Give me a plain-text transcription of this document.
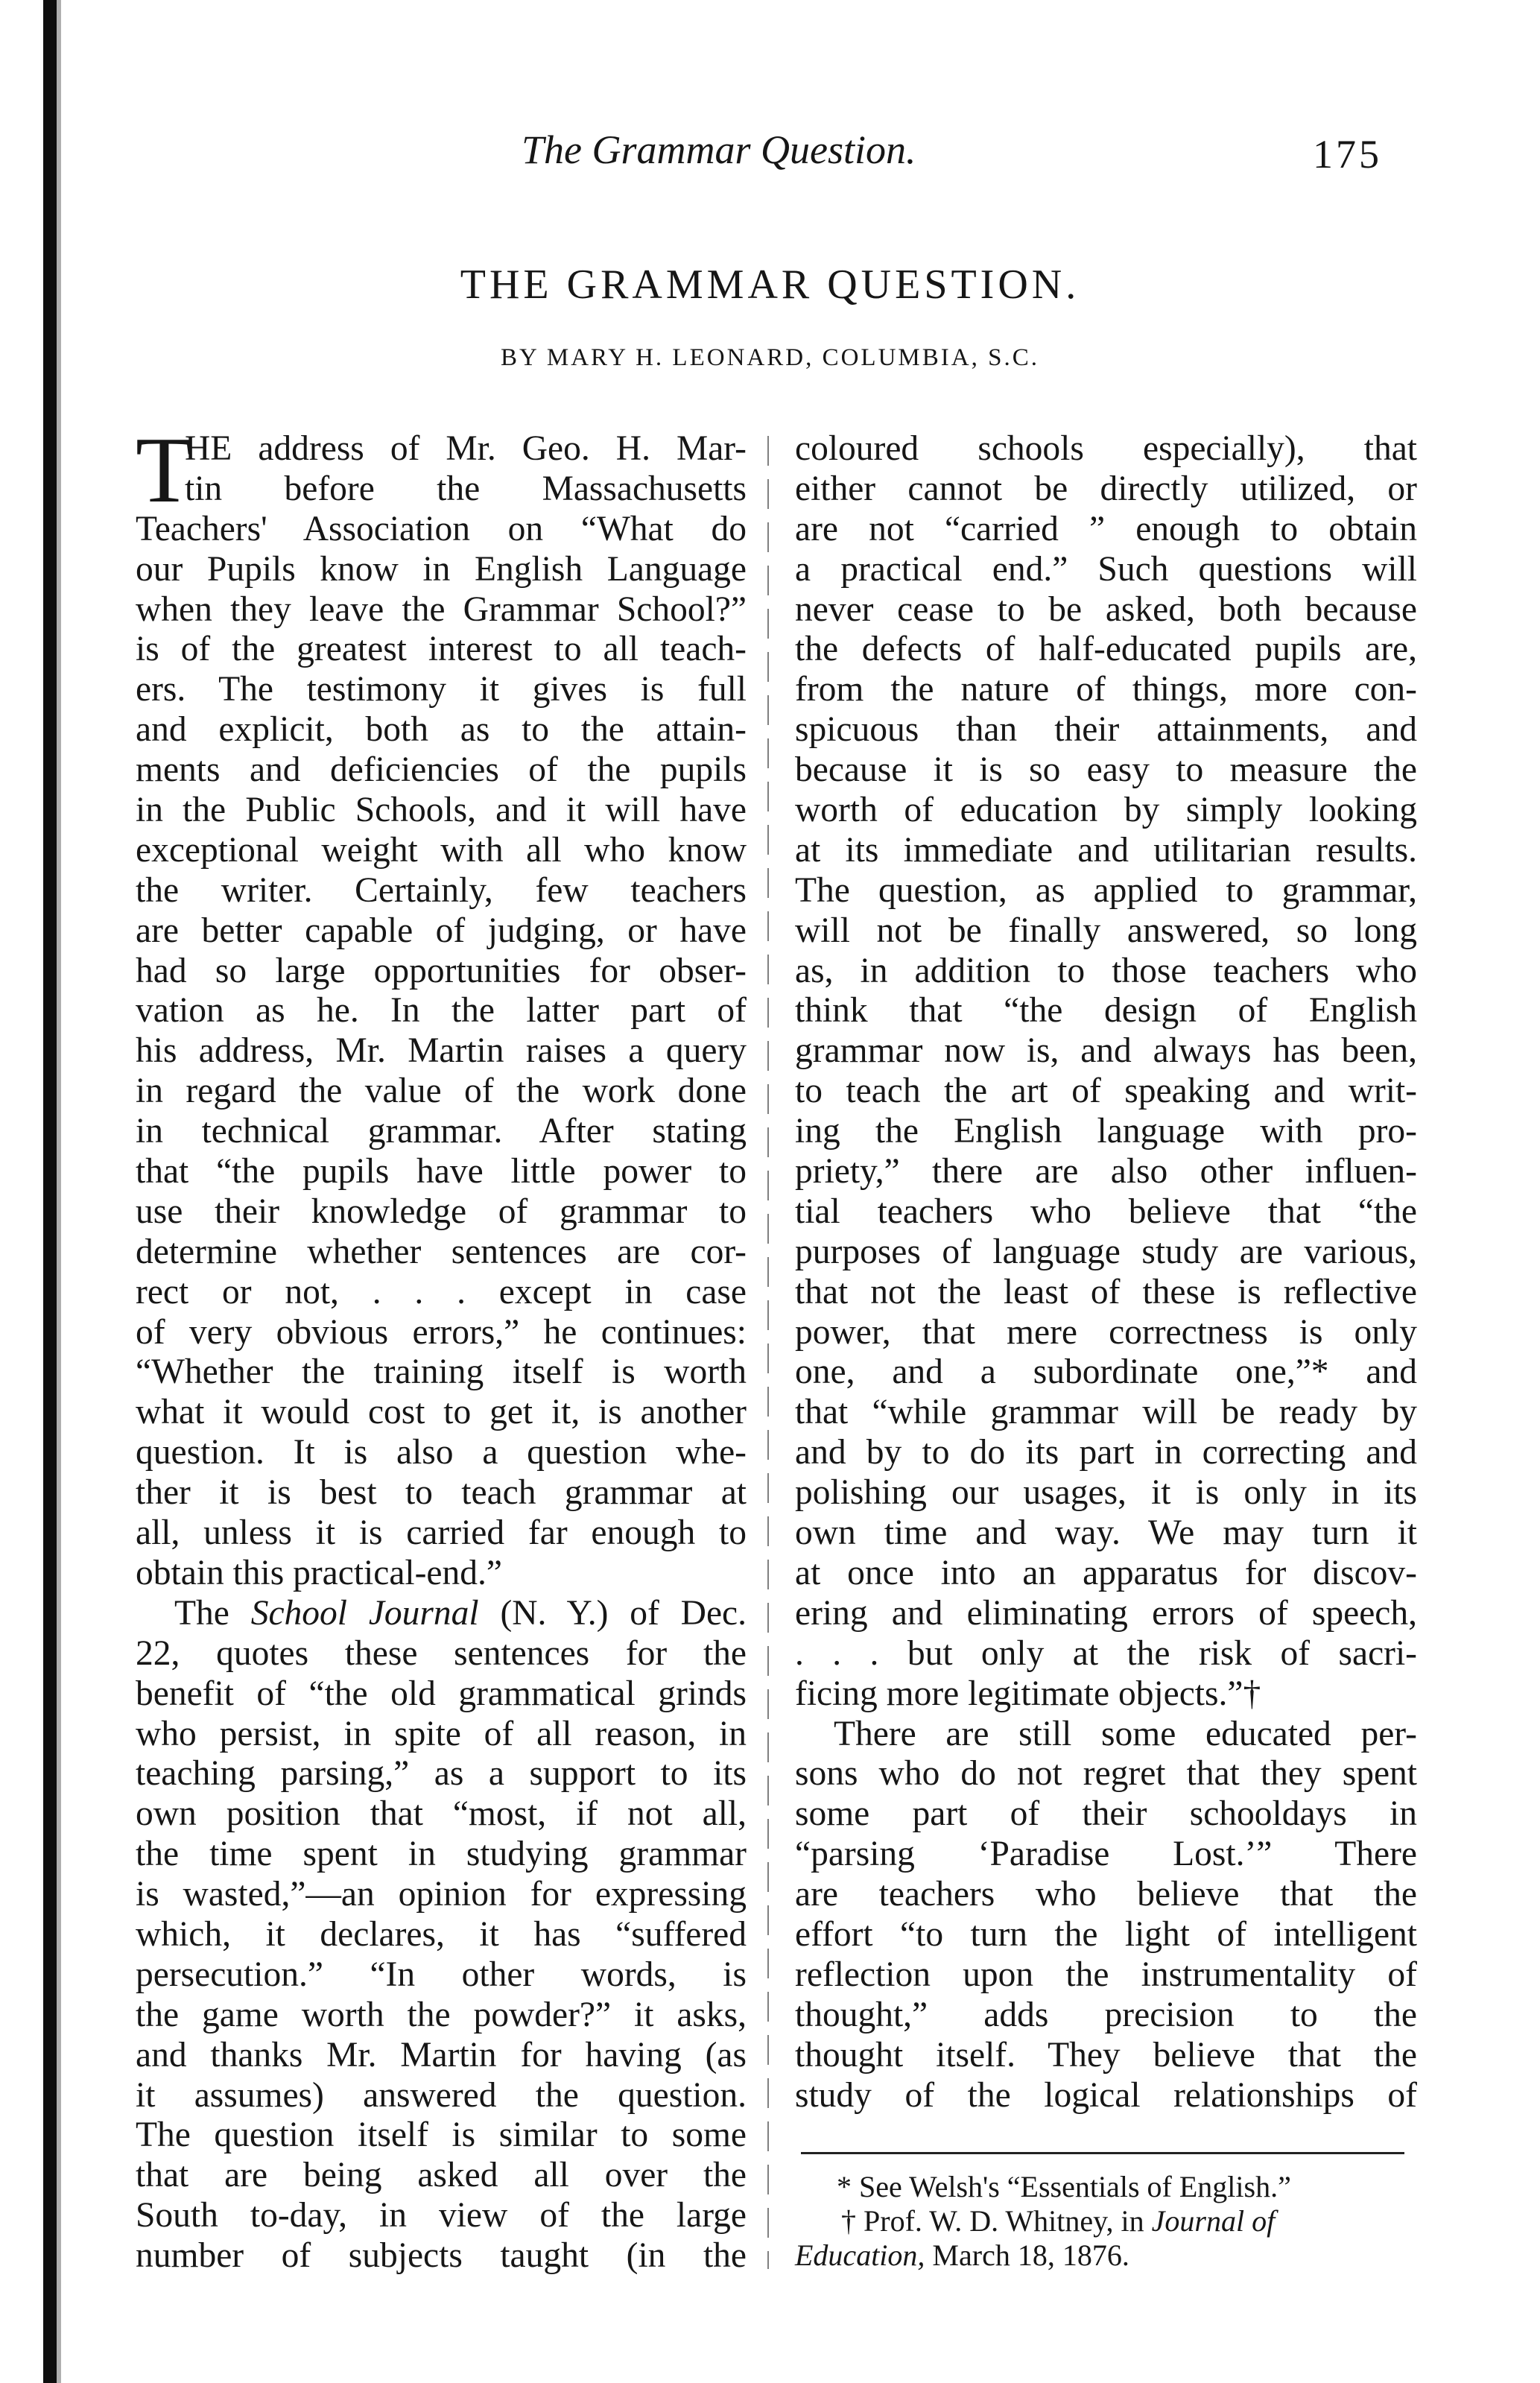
The Grammar Question.	175
THE GRAMMAR QUESTION.
BY MARY H. LEONARD, COLUMBIA, S.C.
T
HE address of Mr. Geo. H. Mar-
tin before the Massachusetts
Teachers' Association on “What do
our Pupils know in English Language
when they leave the Grammar School?”
is of the greatest interest to all teach-
ers. The testimony it gives is full
and explicit, both as to the attain-
ments and deficiencies of the pupils
in the Public Schools, and it will have
exceptional weight with all who know
the writer. Certainly, few teachers
are better capable of judging, or have
had so large opportunities for obser-
vation as he. In the latter part of
his address, Mr. Martin raises a query
in regard the value of the work done
in technical grammar. After stating
that “the pupils have little power to
use their knowledge of grammar to
determine whether sentences are cor-
rect or not, . . . except in case
of very obvious errors,” he continues:
“Whether the training itself is worth
what it would cost to get it, is another
question. It is also a question whe-
ther it is best to teach grammar at
all, unless it is carried far enough to
obtain this practical-end.”
The School Journal (N. Y.) of Dec.
22, quotes these sentences for the
benefit of “the old grammatical grinds
who persist, in spite of all reason, in
teaching parsing,” as a support to its
own position that “most, if not all,
the time spent in studying grammar
is wasted,”—an opinion for expressing
which, it declares, it has “suffered
persecution.” “In other words, is
the game worth the powder?” it asks,
and thanks Mr. Martin for having (as
it assumes) answered the question.
The question itself is similar to some
that are being asked all over the
South to-day, in view of the large
number of subjects taught (in the
coloured schools especially), that
either cannot be directly utilized, or
are not “carried ” enough to obtain
a practical end.” Such questions will
never cease to be asked, both because
the defects of half-educated pupils are,
from the nature of things, more con-
spicuous than their attainments, and
because it is so easy to measure the
worth of education by simply looking
at its immediate and utilitarian results.
The question, as applied to grammar,
will not be finally answered, so long
as, in addition to those teachers who
think that “the design of English
grammar now is, and always has been,
to teach the art of speaking and writ-
ing the English language with pro-
priety,” there are also other influen-
tial teachers who believe that “the
purposes of language study are various,
that not the least of these is reflective
power, that mere correctness is only
one, and a subordinate one,”* and
that “while grammar will be ready by
and by to do its part in correcting and
polishing our usages, it is only in its
own time and way. We may turn it
at once into an apparatus for discov-
ering and eliminating errors of speech,
. . . but only at the risk of sacri-
ficing more legitimate objects.”†
There are still some educated per-
sons who do not regret that they spent
some part of their schooldays in
“parsing ‘Paradise Lost.’” There
are teachers who believe that the
effort “to turn the light of intelligent
reflection upon the instrumentality of
thought,” adds precision to the
thought itself. They believe that the
study of the logical relationships of
* See Welsh's “Essentials of English.”
† Prof. W. D. Whitney, in Journal of
Education, March 18, 1876.
